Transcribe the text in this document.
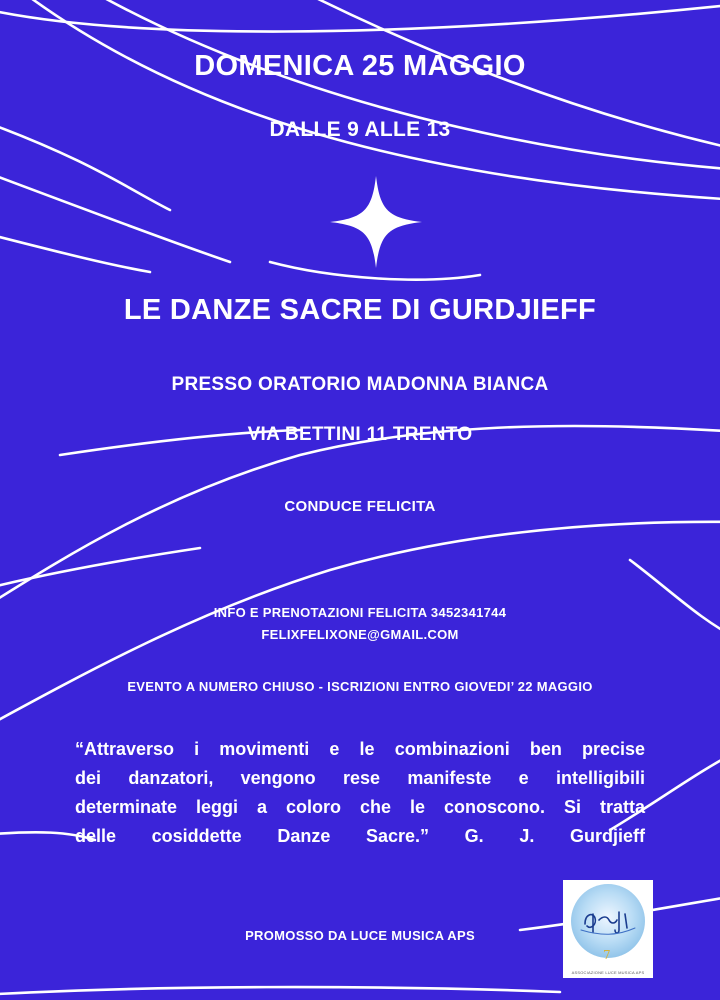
DOMENICA 25 MAGGIO
DALLE 9 ALLE 13
LE DANZE SACRE DI GURDJIEFF
PRESSO ORATORIO MADONNA BIANCA
VIA BETTINI 11 TRENTO
CONDUCE FELICITA
INFO E PRENOTAZIONI FELICITA 3452341744
FELIXFELIXONE@GMAIL.COM
EVENTO A NUMERO CHIUSO - ISCRIZIONI ENTRO GIOVEDI’ 22 MAGGIO
“Attraverso i movimenti e le combinazioni ben precise
dei danzatori, vengono rese manifeste e intelligibili
determinate leggi a coloro che le conoscono. Si tratta
delle cosiddette Danze Sacre.” G. J. Gurdjieff
PROMOSSO DA LUCE MUSICA APS
7
ASSOCIAZIONE LUCE MUSICA APS
